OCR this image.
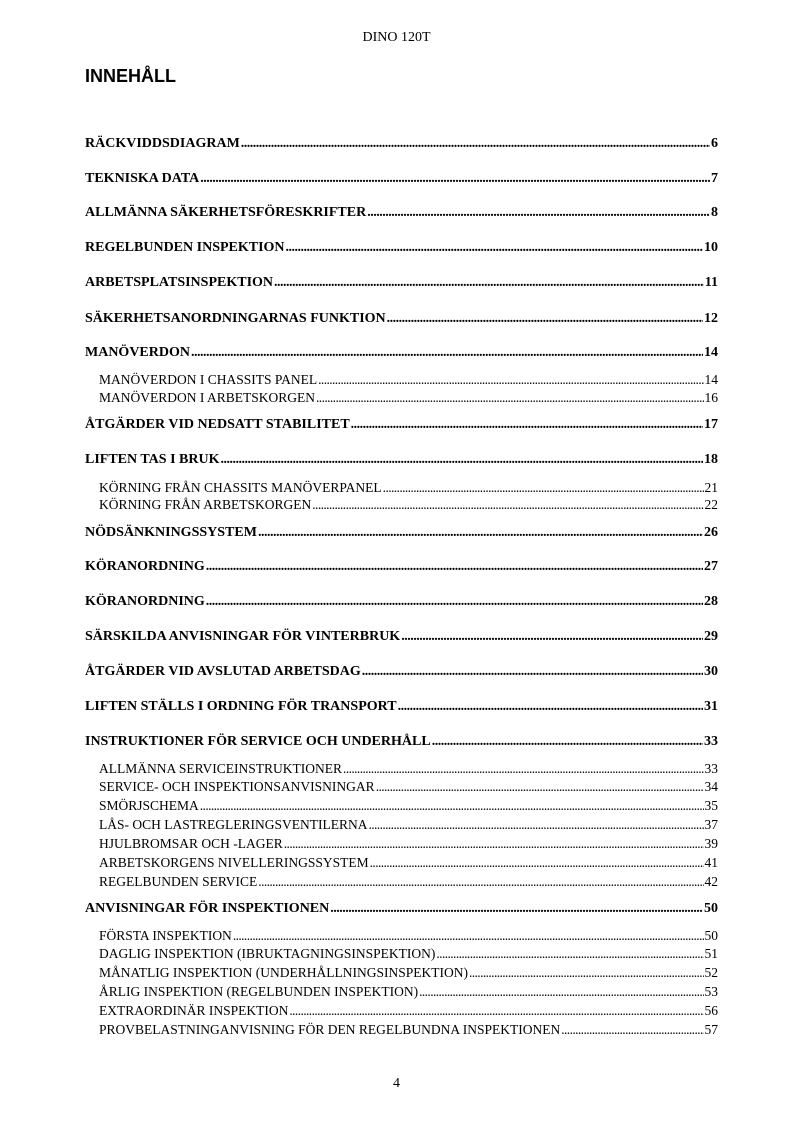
DINO 120T
INNEHÅLL
RÄCKVIDDSDIAGRAM .....	6
TEKNISKA DATA .....	7
ALLMÄNNA SÄKERHETSFÖRESKRIFTER .....	8
REGELBUNDEN INSPEKTION .....	10
ARBETSPLATSINSPEKTION .....	11
SÄKERHETSANORDNINGARNAS FUNKTION .....	12
MANÖVERDON .....	14
MANÖVERDON I CHASSITS PANEL .....	14
MANÖVERDON I ARBETSKORGEN .....	16
ÅTGÄRDER VID NEDSATT STABILITET .....	17
LIFTEN TAS I BRUK .....	18
KÖRNING FRÅN CHASSITS MANÖVERPANEL .....	21
KÖRNING FRÅN ARBETSKORGEN .....	22
NÖDSÄNKNINGSSYSTEM .....	26
KÖRANORDNING .....	27
KÖRANORDNING .....	28
SÄRSKILDA ANVISNINGAR FÖR VINTERBRUK .....	29
ÅTGÄRDER VID AVSLUTAD ARBETSDAG .....	30
LIFTEN STÄLLS I ORDNING FÖR TRANSPORT .....	31
INSTRUKTIONER FÖR SERVICE OCH UNDERHÅLL .....	33
ALLMÄNNA SERVICEINSTRUKTIONER .....	33
SERVICE- OCH INSPEKTIONSANVISNINGAR .....	34
SMÖRJSCHEMA .....	35
LÅS- OCH LASTREGLERINGSVENTILERNA .....	37
HJULBROMSAR OCH -LAGER .....	39
ARBETSKORGENS NIVELLERINGSSYSTEM .....	41
REGELBUNDEN SERVICE .....	42
ANVISNINGAR FÖR INSPEKTIONEN .....	50
FÖRSTA INSPEKTION .....	50
DAGLIG INSPEKTION (IBRUKTAGNINGSINSPEKTION) .....	51
MÅNATLIG INSPEKTION (UNDERHÅLLNINGSINSPEKTION) .....	52
ÅRLIG INSPEKTION (REGELBUNDEN INSPEKTION) .....	53
EXTRAORDINÄR INSPEKTION .....	56
PROVBELASTNINGANVISNING FÖR DEN REGELBUNDNA INSPEKTIONEN .....	57
4
